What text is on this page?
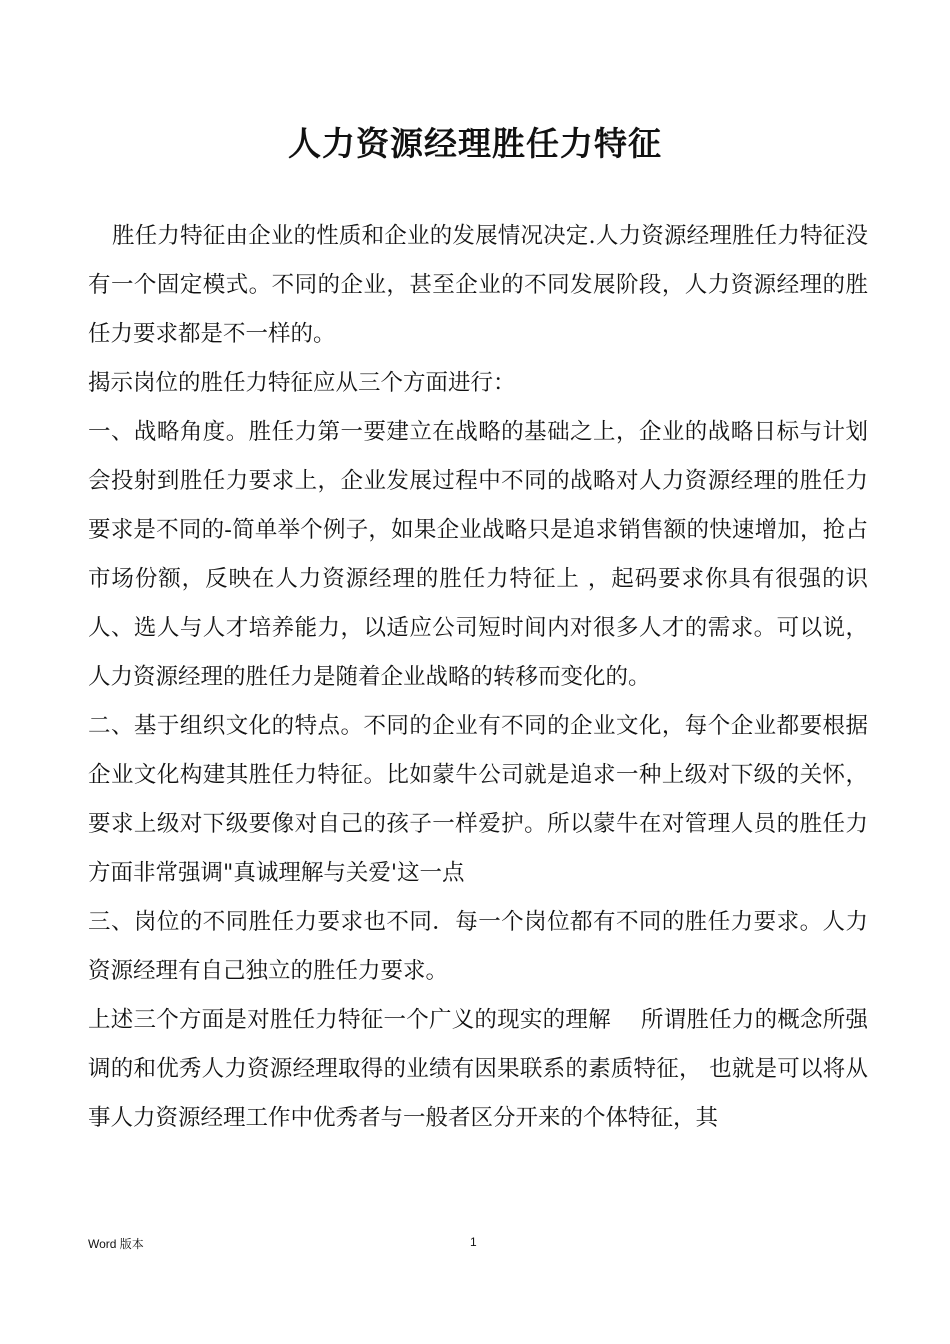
人力资源经理胜任力特征

胜任力特征由企业的性质和企业的发展情况决定.人力资源经理胜任力特征没有一个固定模式。不同的企业，甚至企业的不同发展阶段，人力资源经理的胜任力要求都是不一样的。

揭示岗位的胜任力特征应从三个方面进行：

一、战略角度。胜任力第一要建立在战略的基础之上，企业的战略日标与计划会投射到胜任力要求上，企业发展过程中不同的战略对人力资源经理的胜任力要求是不同的-简单举个例子，如果企业战略只是追求销售额的快速增加，抢占市场份额，反映在人力资源经理的胜任力特征上 ，起码要求你具有很强的识人、选人与人才培养能力，以适应公司短时间内对很多人才的需求。可以说，人力资源经理的胜任力是随着企业战略的转移而变化的。

二、基于组织文化的特点。不同的企业有不同的企业文化，每个企业都要根据企业文化构建其胜任力特征。比如蒙牛公司就是追求一种上级对下级的关怀，要求上级对下级要像对自己的孩子一样爱护。所以蒙牛在对管理人员的胜任力方面非常强调"真诚理解与关爱'这一点

三、岗位的不同胜任力要求也不同．每一个岗位都有不同的胜任力要求。人力资源经理有自己独立的胜任力要求。

上述三个方面是对胜任力特征一个广义的现实的理解　 所谓胜任力的概念所强调的和优秀人力资源经理取得的业绩有因果联系的素质特征， 也就是可以将从事人力资源经理工作中优秀者与一般者区分开来的个体特征，其

Word 版本	1
